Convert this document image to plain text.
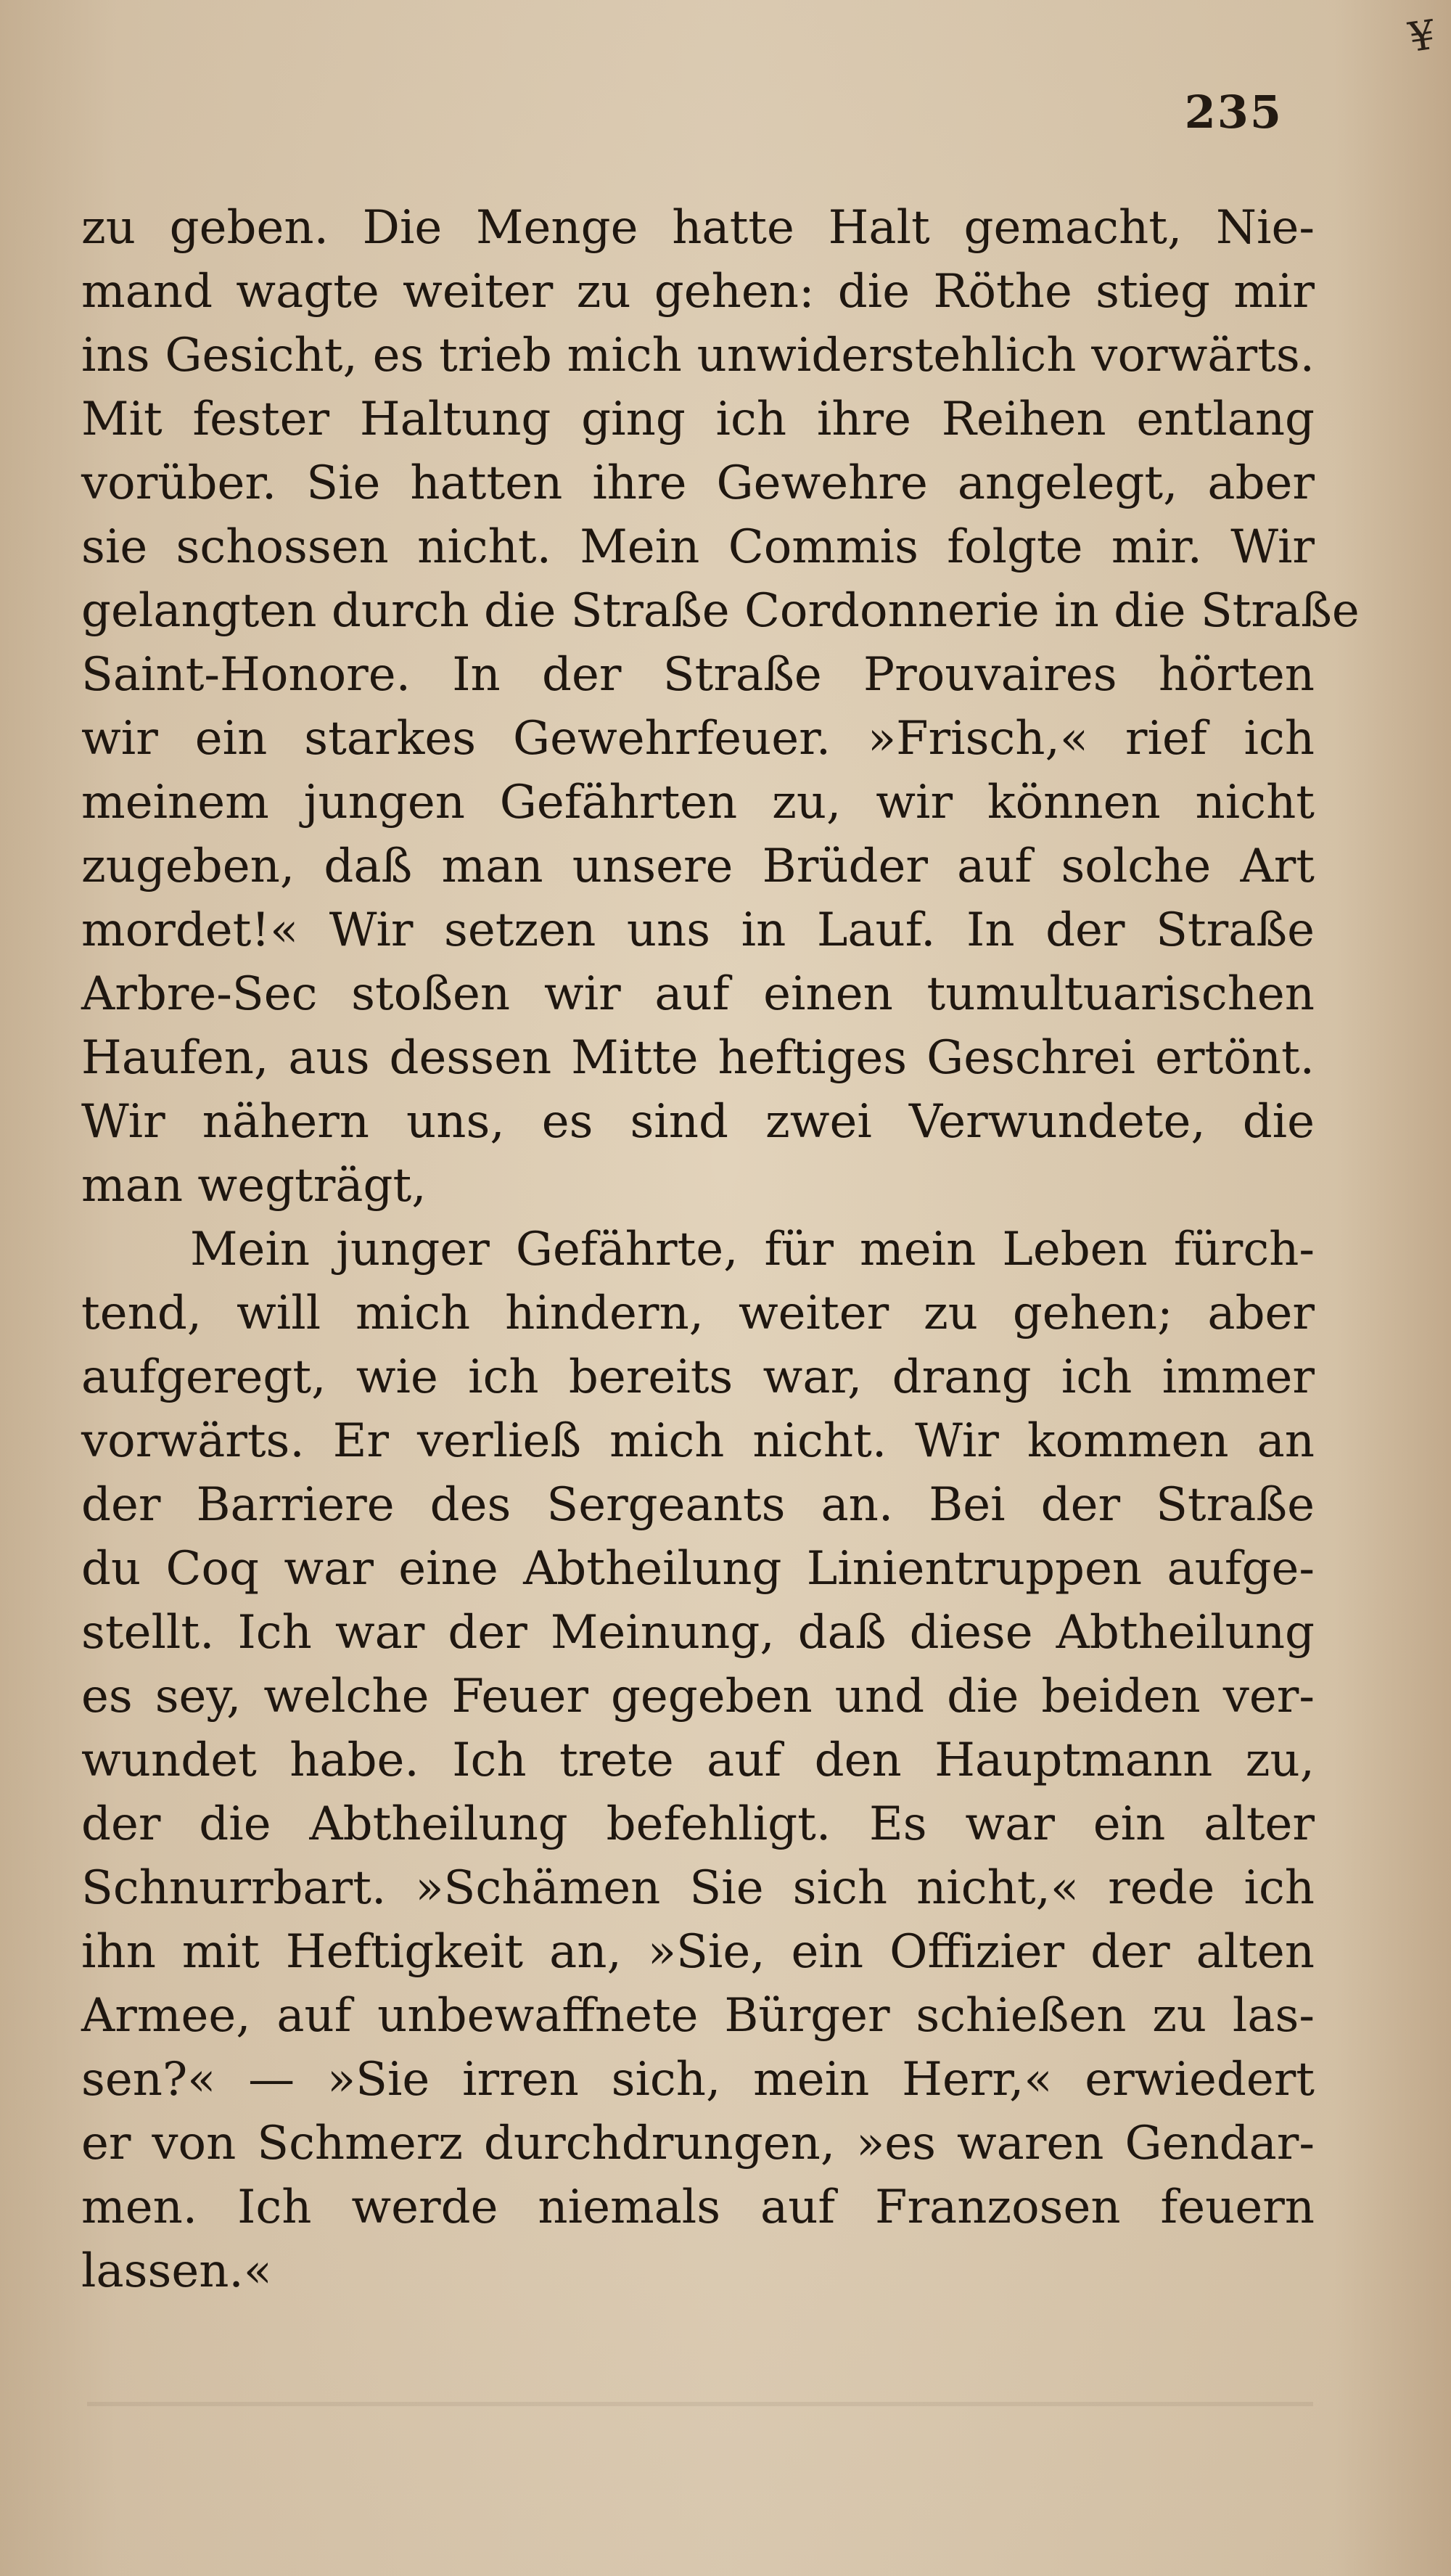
¥
235
zu geben. Die Menge hatte Halt gemacht, Nie-
mand wagte weiter zu gehen: die Röthe stieg mir
ins Gesicht, es trieb mich unwiderstehlich vorwärts.
Mit fester Haltung ging ich ihre Reihen entlang
vorüber. Sie hatten ihre Gewehre angelegt, aber
sie schossen nicht. Mein Commis folgte mir. Wir
gelangten durch die Straße Cordonnerie in die Straße
Saint-Honore. In der Straße Prouvaires hörten
wir ein starkes Gewehrfeuer. »Frisch,« rief ich
meinem jungen Gefährten zu, wir können nicht
zugeben, daß man unsere Brüder auf solche Art
mordet!« Wir setzen uns in Lauf. In der Straße
Arbre-Sec stoßen wir auf einen tumultuarischen
Haufen, aus dessen Mitte heftiges Geschrei ertönt.
Wir nähern uns, es sind zwei Verwundete, die
man wegträgt,
Mein junger Gefährte, für mein Leben fürch-
tend, will mich hindern, weiter zu gehen; aber
aufgeregt, wie ich bereits war, drang ich immer
vorwärts. Er verließ mich nicht. Wir kommen an
der Barriere des Sergeants an. Bei der Straße
du Coq war eine Abtheilung Linientruppen aufge-
stellt. Ich war der Meinung, daß diese Abtheilung
es sey, welche Feuer gegeben und die beiden ver-
wundet habe. Ich trete auf den Hauptmann zu,
der die Abtheilung befehligt. Es war ein alter
Schnurrbart. »Schämen Sie sich nicht,« rede ich
ihn mit Heftigkeit an, »Sie, ein Offizier der alten
Armee, auf unbewaffnete Bürger schießen zu las-
sen?« — »Sie irren sich, mein Herr,« erwiedert
er von Schmerz durchdrungen, »es waren Gendar-
men. Ich werde niemals auf Franzosen feuern
lassen.«
